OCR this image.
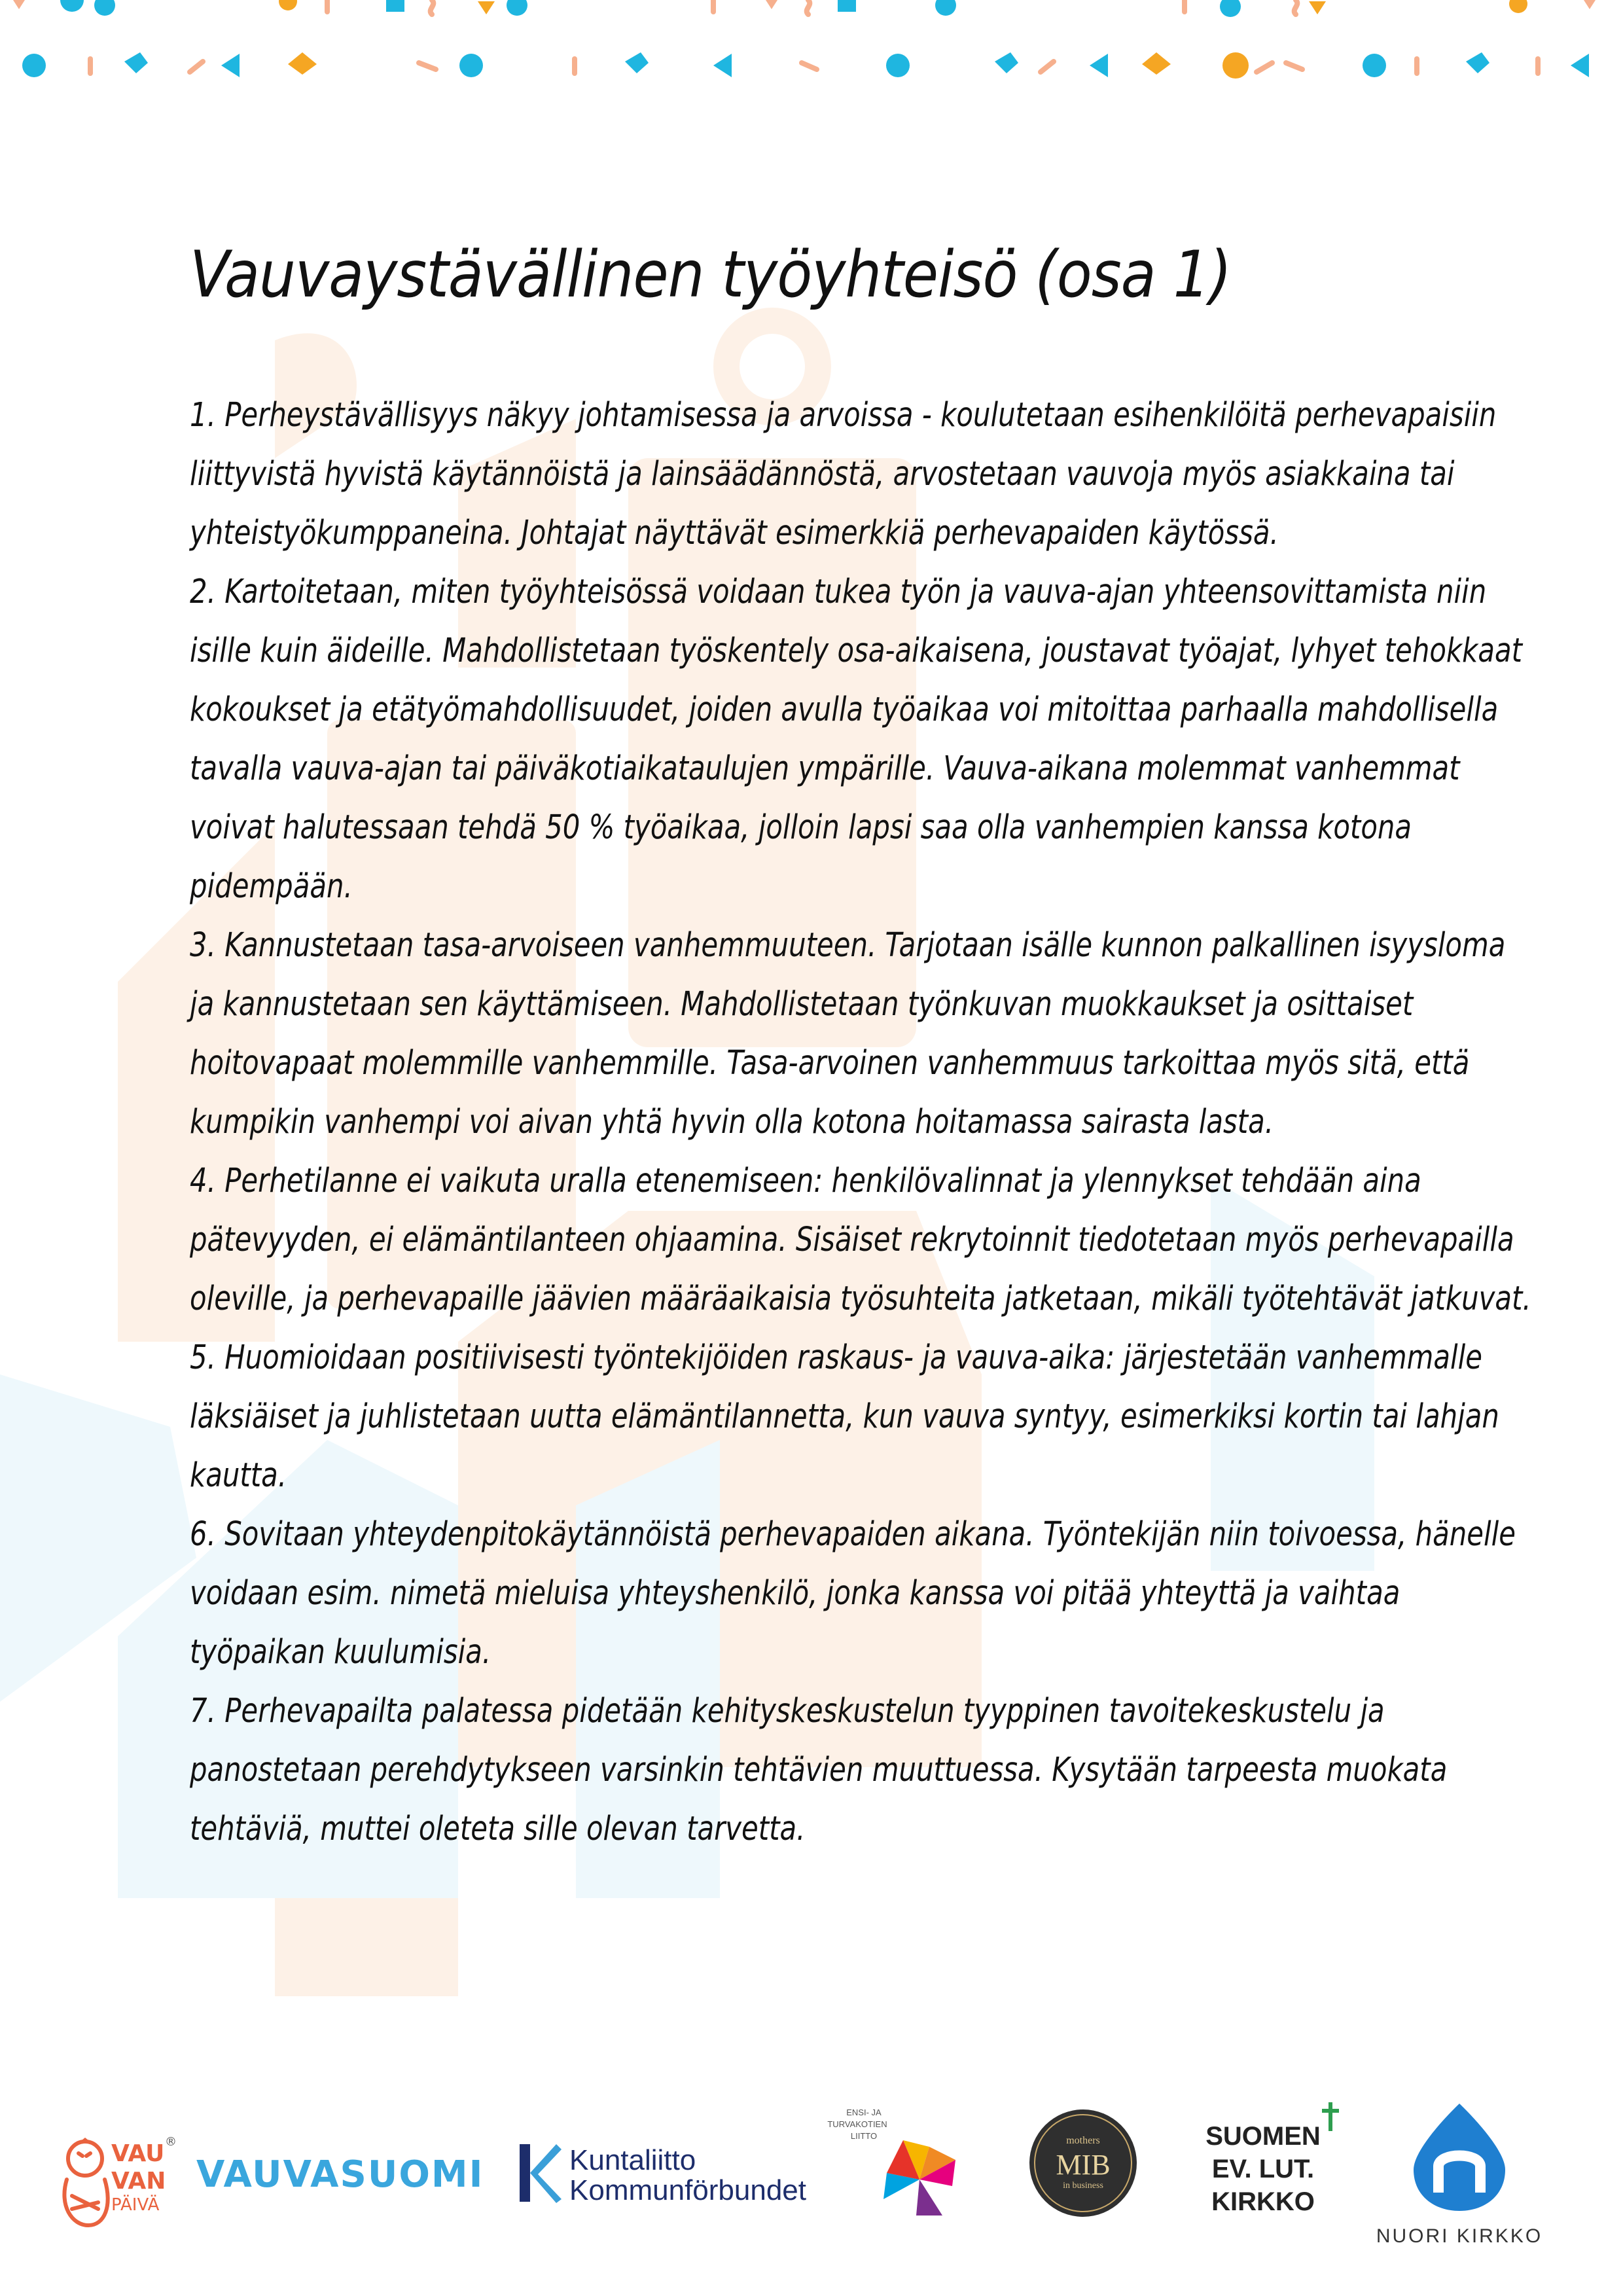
Vauvaystävällinen työyhteisö (osa 1)

1. Perheystävällisyys näkyy johtamisessa ja arvoissa - koulutetaan esihenkilöitä perhevapaisiin liittyvistä hyvistä käytännöistä ja lainsäädännöstä, arvostetaan vauvoja myös asiakkaina tai yhteistyökumppaneina. Johtajat näyttävät esimerkkiä perhevapaiden käytössä.

2. Kartoitetaan, miten työyhteisössä voidaan tukea työn ja vauva-ajan yhteensovittamista niin isille kuin äideille. Mahdollistetaan työskentely osa-aikaisena, joustavat työajat, lyhyet tehokkaat kokoukset ja etätyömahdollisuudet, joiden avulla työaikaa voi mitoittaa parhaalla mahdollisella tavalla vauva-ajan tai päiväkotiaikataulujen ympärille. Vauva-aikana molemmat vanhemmat voivat halutessaan tehdä 50 % työaikaa, jolloin lapsi saa olla vanhempien kanssa kotona pidempään.

3. Kannustetaan tasa-arvoiseen vanhemmuuteen. Tarjotaan isälle kunnon palkallinen isyysloma ja kannustetaan sen käyttämiseen. Mahdollistetaan työnkuvan muokkaukset ja osittaiset hoitovapaat molemmille vanhemmille. Tasa-arvoinen vanhemmuus tarkoittaa myös sitä, että kumpikin vanhempi voi aivan yhtä hyvin olla kotona hoitamassa sairasta lasta.

4. Perhetilanne ei vaikuta uralla etenemiseen: henkilövalinnat ja ylennykset tehdään aina pätevyyden, ei elämäntilanteen ohjaamina. Sisäiset rekrytoinnit tiedotetaan myös perhevapailla oleville, ja perhevapaille jäävien määräaikaisia työsuhteita jatketaan, mikäli työtehtävät jatkuvat.

5. Huomioidaan positiivisesti työntekijöiden raskaus- ja vauva-aika: järjestetään vanhemmalle läksiäiset ja juhlistetaan uutta elämäntilannetta, kun vauva syntyy, esimerkiksi kortin tai lahjan kautta.

6. Sovitaan yhteydenpitokäytännöistä perhevapaiden aikana. Työntekijän niin toivoessa, hänelle voidaan esim. nimetä mieluisa yhteyshenkilö, jonka kanssa voi pitää yhteyttä ja vaihtaa työpaikan kuulumisia.

7. Perhevapailta palatessa pidetään kehityskeskustelun tyyppinen tavoitekeskustelu ja panostetaan perehdytykseen varsinkin tehtävien muuttuessa. Kysytään tarpeesta muokata tehtäviä, muttei oleteta sille olevan tarvetta.

VAU
VAN
PÄIVÄ
®
VAUVASUOMI	Kuntaliitto
Kommunförbundet
ENSI- JA
TURVAKOTIEN
LIITTO	mothers
MIB
in business
SUOMEN
EV. LUT.
KIRKKO
NUORI KIRKKO
